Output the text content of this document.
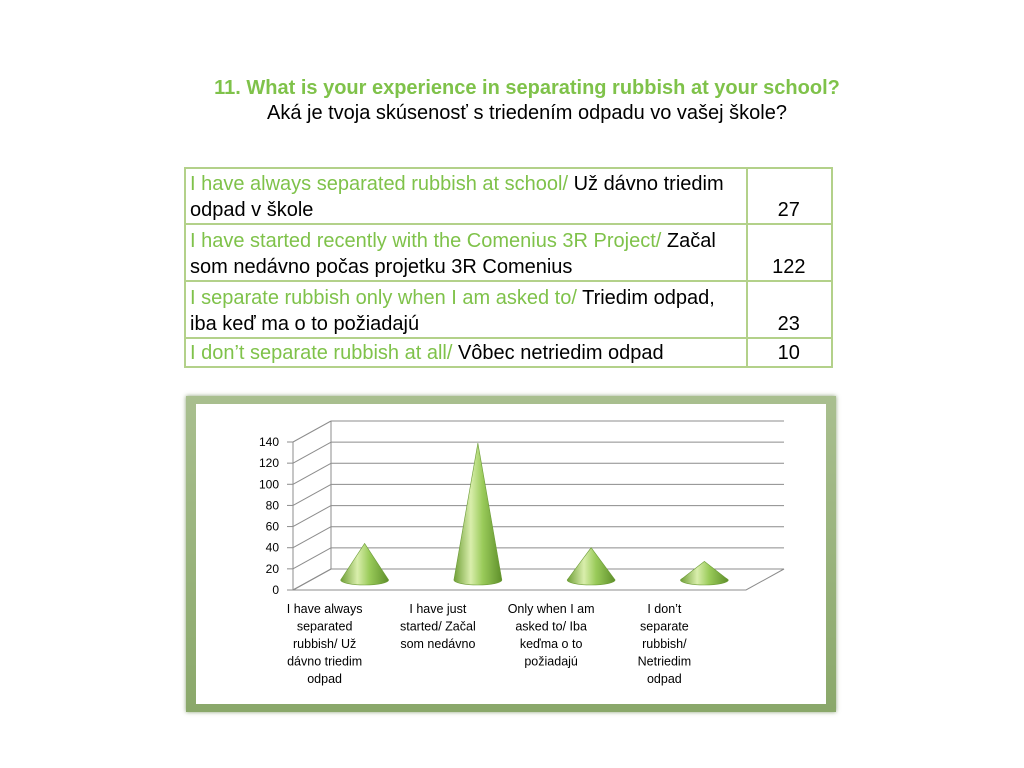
11. What is your experience in separating rubbish at your school?
Aká je tvoja skúsenosť s triedením odpadu vo vašej škole?
I have always separated rubbish at school/ Už dávno triedim odpad v škole	27
I have started recently with the Comenius 3R Project/ Začal som nedávno počas projetku 3R Comenius	122
I separate rubbish only when I am asked to/ Triedim odpad, iba keď ma o to požiadajú	23
I don’t separate rubbish at all/ Vôbec netriedim odpad	10
0
20
40
60
80
100
120
140
I have always
separated
rubbish/ Už
dávno triedim
odpad
I have just
started/ Začal
som nedávno
Only when I am
asked to/ Iba
keďma o to
požiadajú
I don’t
separate
rubbish/
Netriedim
odpad
